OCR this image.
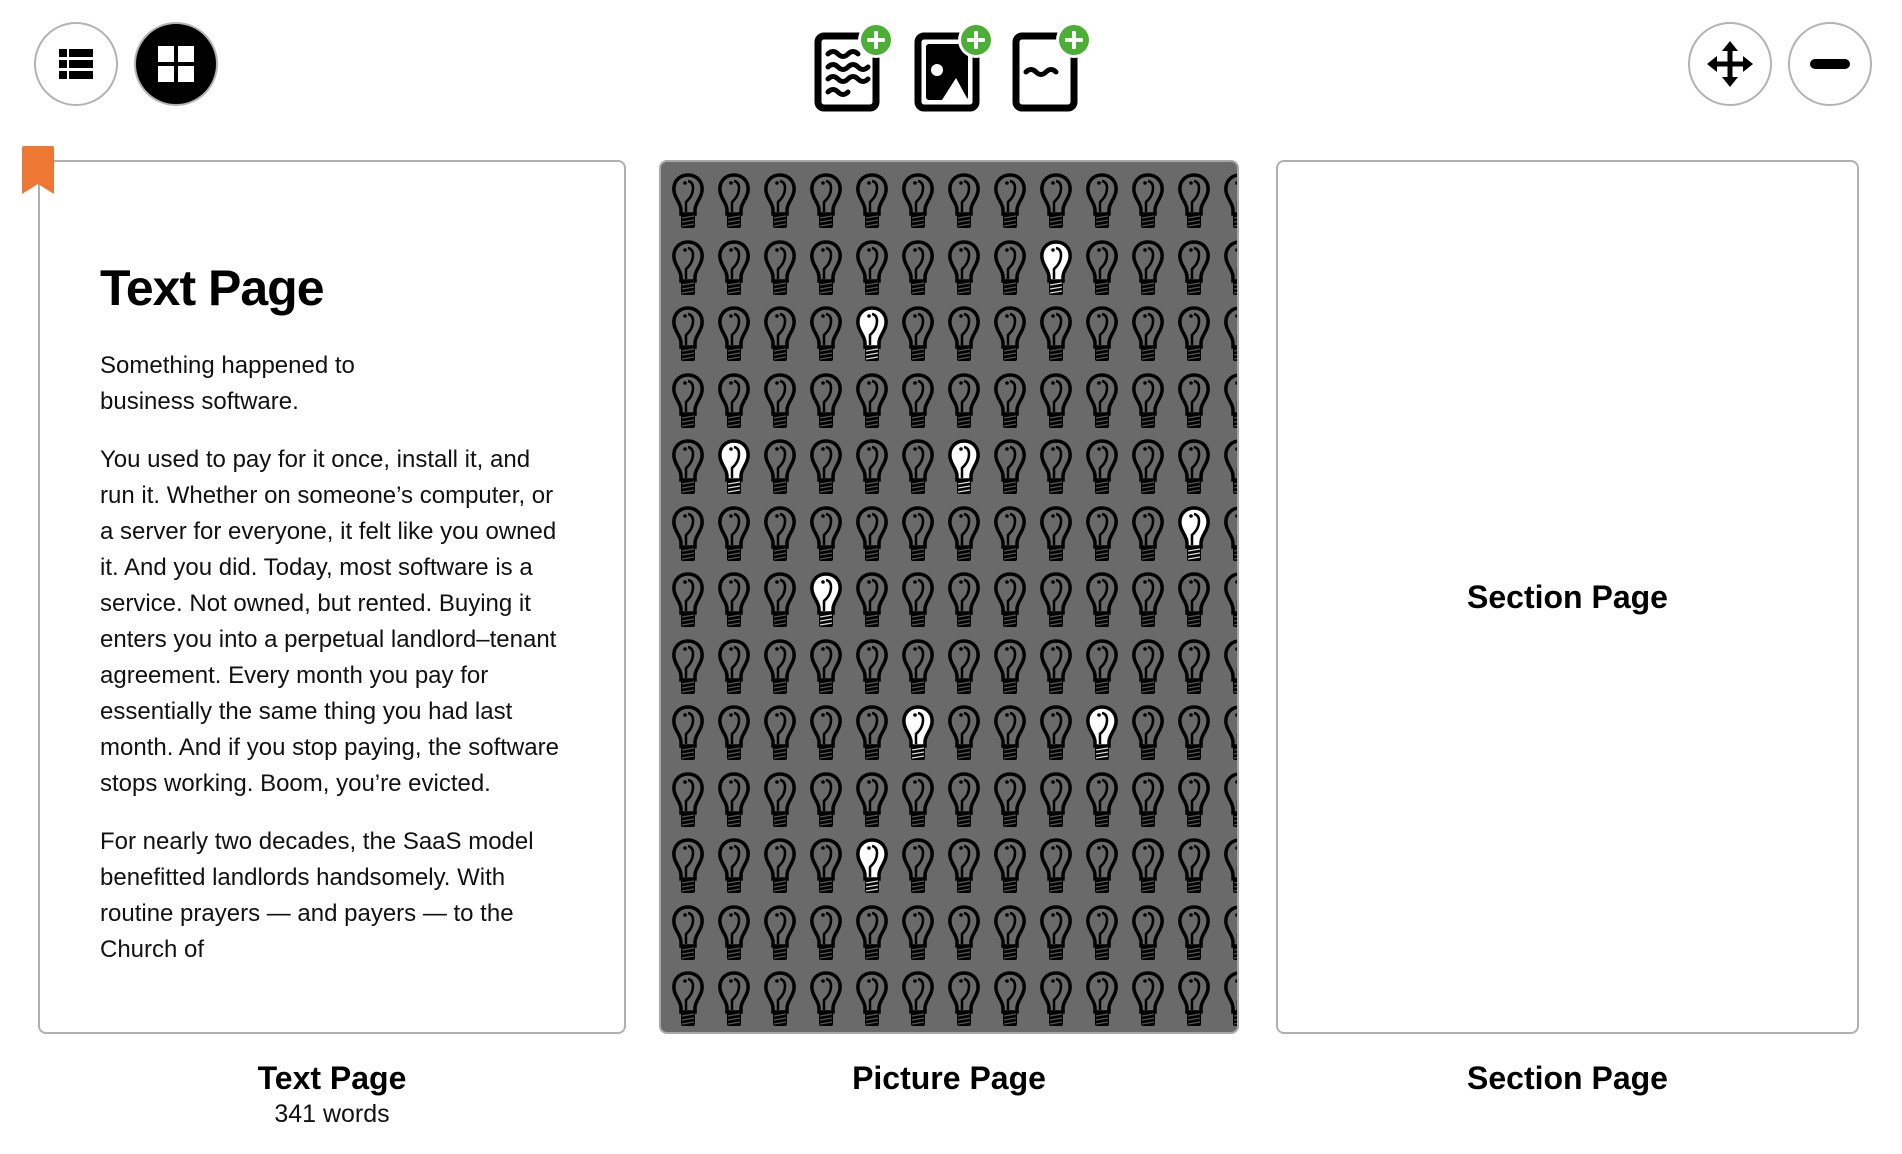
Text Page

Something happened to business software.

You used to pay for it once, install it, and run it. Whether on someone’s computer, or a server for everyone, it felt like you owned it. And you did. Today, most software is a service. Not owned, but rented. Buying it enters you into a perpetual landlord–tenant agreement. Every month you pay for essentially the same thing you had last month. And if you stop paying, the software stops working. Boom, you’re evicted.

For nearly two decades, the SaaS model benefitted landlords handsomely. With routine prayers — and payers — to the Church of

Section Page
Text Page
341 words
Picture Page	Section Page
